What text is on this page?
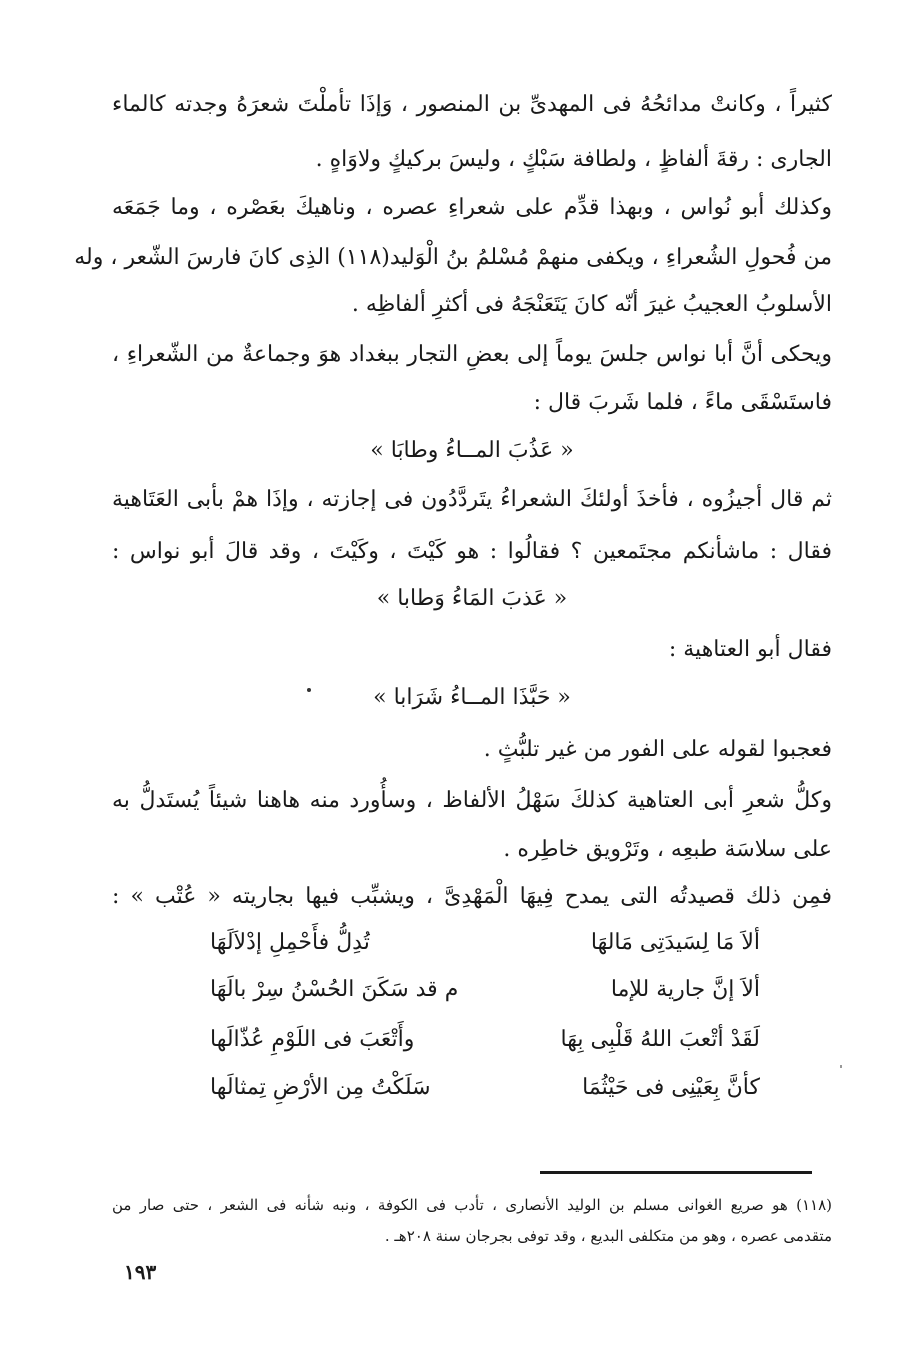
كثيراً ، وكانتْ مدائحُهُ فى المهدىِّ بن المنصور ، وَإذَا تأملْتَ شعرَهُ وجدته كالماء
الجارى : رقةَ ألفاظٍ ، ولطافة سَبْكٍ ، وليسَ بركيكٍ ولاوَاهٍ .
وكذلك أبو نُواس ، وبهذا قدِّم على شعراءِ عصره ، وناهيكَ بعَصْره ، وما جَمَعَه
من فُحولِ الشُعراءِ ، ويكفى منهمْ مُسْلمُ بنُ الْوَليد(١١٨) الذِى كانَ فارسَ الشّعر ، وله
الأسلوبُ العجيبُ غيرَ أنّه كانَ يَتَعَنْجَهُ فى أكثرِ ألفاظِه .
ويحكى أنَّ أبا نواس جلسَ يوماً إلى بعضِ التجار ببغداد هوَ وجماعةٌ من الشّعراءِ ،
فاستَسْقَى ماءً ، فلما شَربَ قال :
« عَذُبَ المــاءُ وطابَا »
ثم قال أجيزُوه ، فأخذَ أولئكَ الشعراءُ يتَردَّدُون فى إجازته ، وإذَا همْ بأبى العَتَاهية
فقال : ماشأنكم مجتَمعين ؟ فقالُوا : هو كَيْتَ ، وكَيْتَ ، وقد قالَ أبو نواس :
« عَذبَ المَاءُ وَطابا »
فقال أبو العتاهية :
« حَبَّذَا المــاءُ شَرَابا »
فعجبوا لقوله على الفور من غير تلبُّثٍ .
وكلُّ شعرِ أبى العتاهية كذلكَ سَهْلُ الألفاظ ، وسأُورد منه هاهنا شيئاً يُستَدلُّ به
على سلاسَة طبعِه ، وتَرْويق خاطِره .
فمِن ذلك قصيدتُه التى يمدح فِيهَا الْمَهْدِىَّ ، ويشبِّب فيها بجاريته « عُتْب » :
ألاَ مَا لِسَيدَتِى مَالهَا
تُدِلُّ فأَحْمِلِ إدْلاَلَهَا
ألاَ إنَّ جارية للإما
م قد سَكَنَ الحُسْنُ سِرْ بالَهَا
لَقَدْ أتْعبَ اللهُ قَلْبِى بِهَا
وأَتْعَبَ فى اللَوْمِ عُذّالَها
كأنَّ بِعَيْنِى فى حَيْثُمَا
سَلَكْتُ مِن الأرْضِ تِمثالَها
(١١٨) هو صريع الغوانى مسلم بن الوليد الأنصارى ، تأدب فى الكوفة ، ونبه شأنه فى الشعر ، حتى صار من
متقدمى عصره ، وهو من متكلفى البديع ، وقد توفى بجرجان سنة ٢٠٨هـ .
١٩٣
